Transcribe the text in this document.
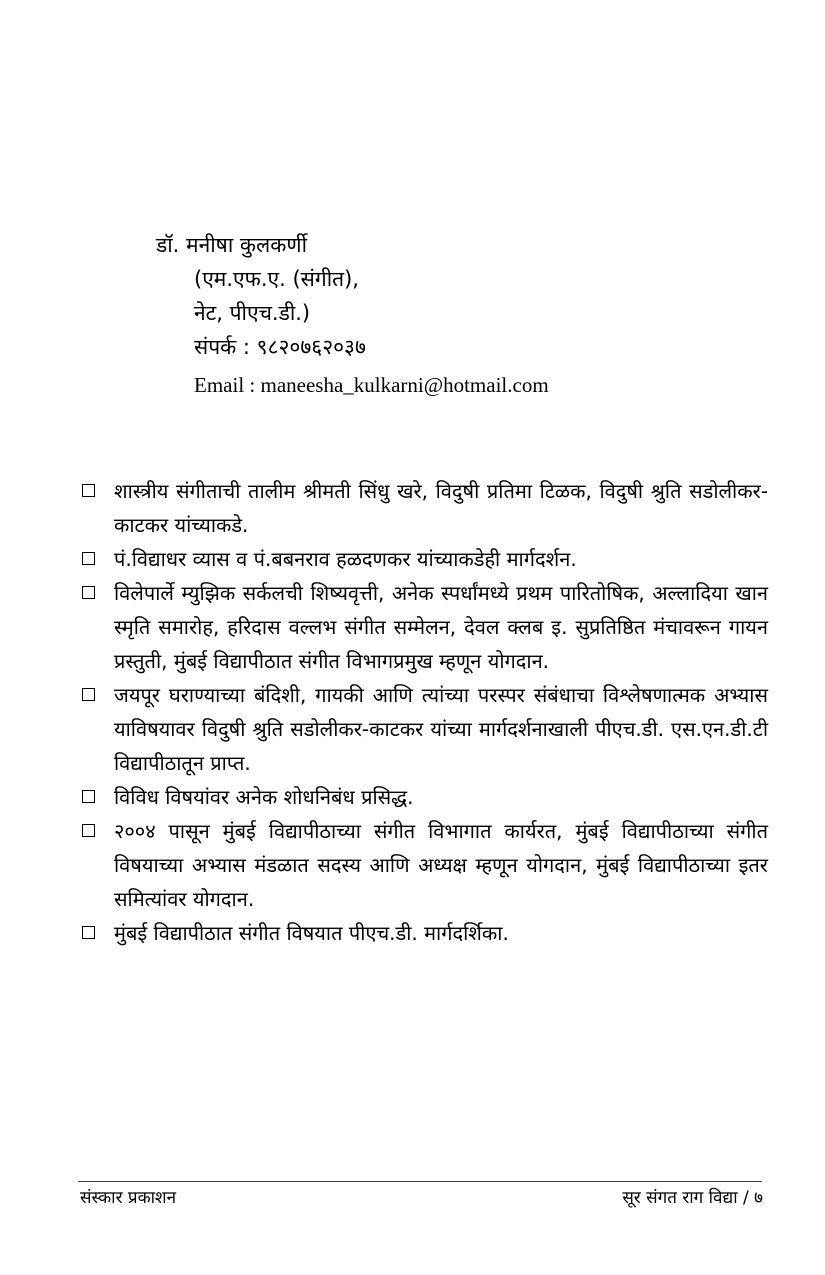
डॉ. मनीषा कुलकर्णी
(एम.एफ.ए. (संगीत),
नेट, पीएच.डी.)
संपर्क : ९८२०७६२०३७
Email : maneesha_kulkarni@hotmail.com
शास्त्रीय संगीताची तालीम श्रीमती सिंधु खरे, विदुषी प्रतिमा टिळक, विदुषी श्रुति सडोलीकर-काटकर यांच्याकडे.
पं.विद्याधर व्यास व पं.बबनराव हळदणकर यांच्याकडेही मार्गदर्शन.
विलेपार्ले म्युझिक सर्कलची शिष्यवृत्ती, अनेक स्पर्धांमध्ये प्रथम पारितोषिक, अल्लादिया खान स्मृति समारोह, हरिदास वल्लभ संगीत सम्मेलन, देवल क्लब इ. सुप्रतिष्ठित मंचावरून गायन प्रस्तुती, मुंबई विद्यापीठात संगीत विभागप्रमुख म्हणून योगदान.
जयपूर घराण्याच्या बंदिशी, गायकी आणि त्यांच्या परस्पर संबंधाचा विश्लेषणात्मक अभ्यास याविषयावर विदुषी श्रुति सडोलीकर-काटकर यांच्या मार्गदर्शनाखाली पीएच.डी. एस.एन.डी.टी विद्यापीठातून प्राप्त.
विविध विषयांवर अनेक शोधनिबंध प्रसिद्ध.
२००४ पासून मुंबई विद्यापीठाच्या संगीत विभागात कार्यरत, मुंबई विद्यापीठाच्या संगीत विषयाच्या अभ्यास मंडळात सदस्य आणि अध्यक्ष म्हणून योगदान, मुंबई विद्यापीठाच्या इतर समित्यांवर योगदान.
मुंबई विद्यापीठात संगीत विषयात पीएच.डी. मार्गदर्शिका.
संस्कार प्रकाशन	सूर संगत राग विद्या / ७
